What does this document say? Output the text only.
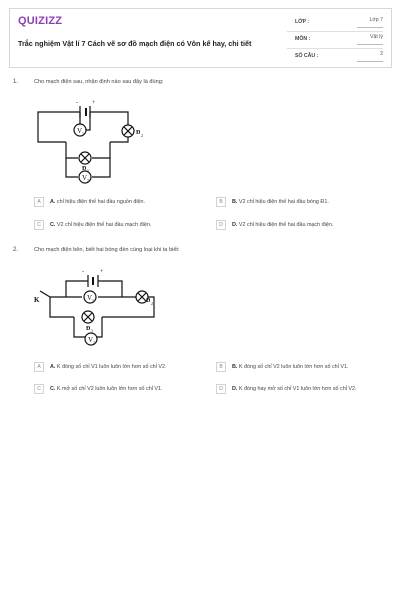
QUIZIZZ
Trắc nghiệm Vật lí 7 Cách vẽ sơ đồ mạch điện có Vôn kế hay, chi tiết
LỚP :	Lớp 7
MÔN :	Vật lý
SỐ CÂU :	2
1.	Cho mạch điện sau, nhận định nào sau đây là đúng:
- +
V 1
V 2
Đ 2
Đ 1
A	A. chỉ hiệu điện thế hai đầu nguồn điện.	B	B. V2 chỉ hiệu điện thế hai đầu bóng Đ1.
C	C. V2 chỉ hiệu điện thế hai đầu mạch điện.	D	D. V2 chỉ hiệu điện thế hai đầu mạch điện.
2.	Cho mạch điện bên, biết hai bóng đèn cùng loại khi ta biết:
-	+
K	V 1
V 2
Đ 2
Đ 1
A	A. K đóng số chỉ V1 luôn luôn lớn hơn số chỉ V2.	B	B. K đóng số chỉ V2 luôn luôn lớn hơn số chỉ V1.
C	C. K mở số chỉ V2 luôn luôn lớn hơn số chỉ V1.	D	D. K đóng hay mở số chỉ V1 luôn lớn hơn số chỉ V2.
